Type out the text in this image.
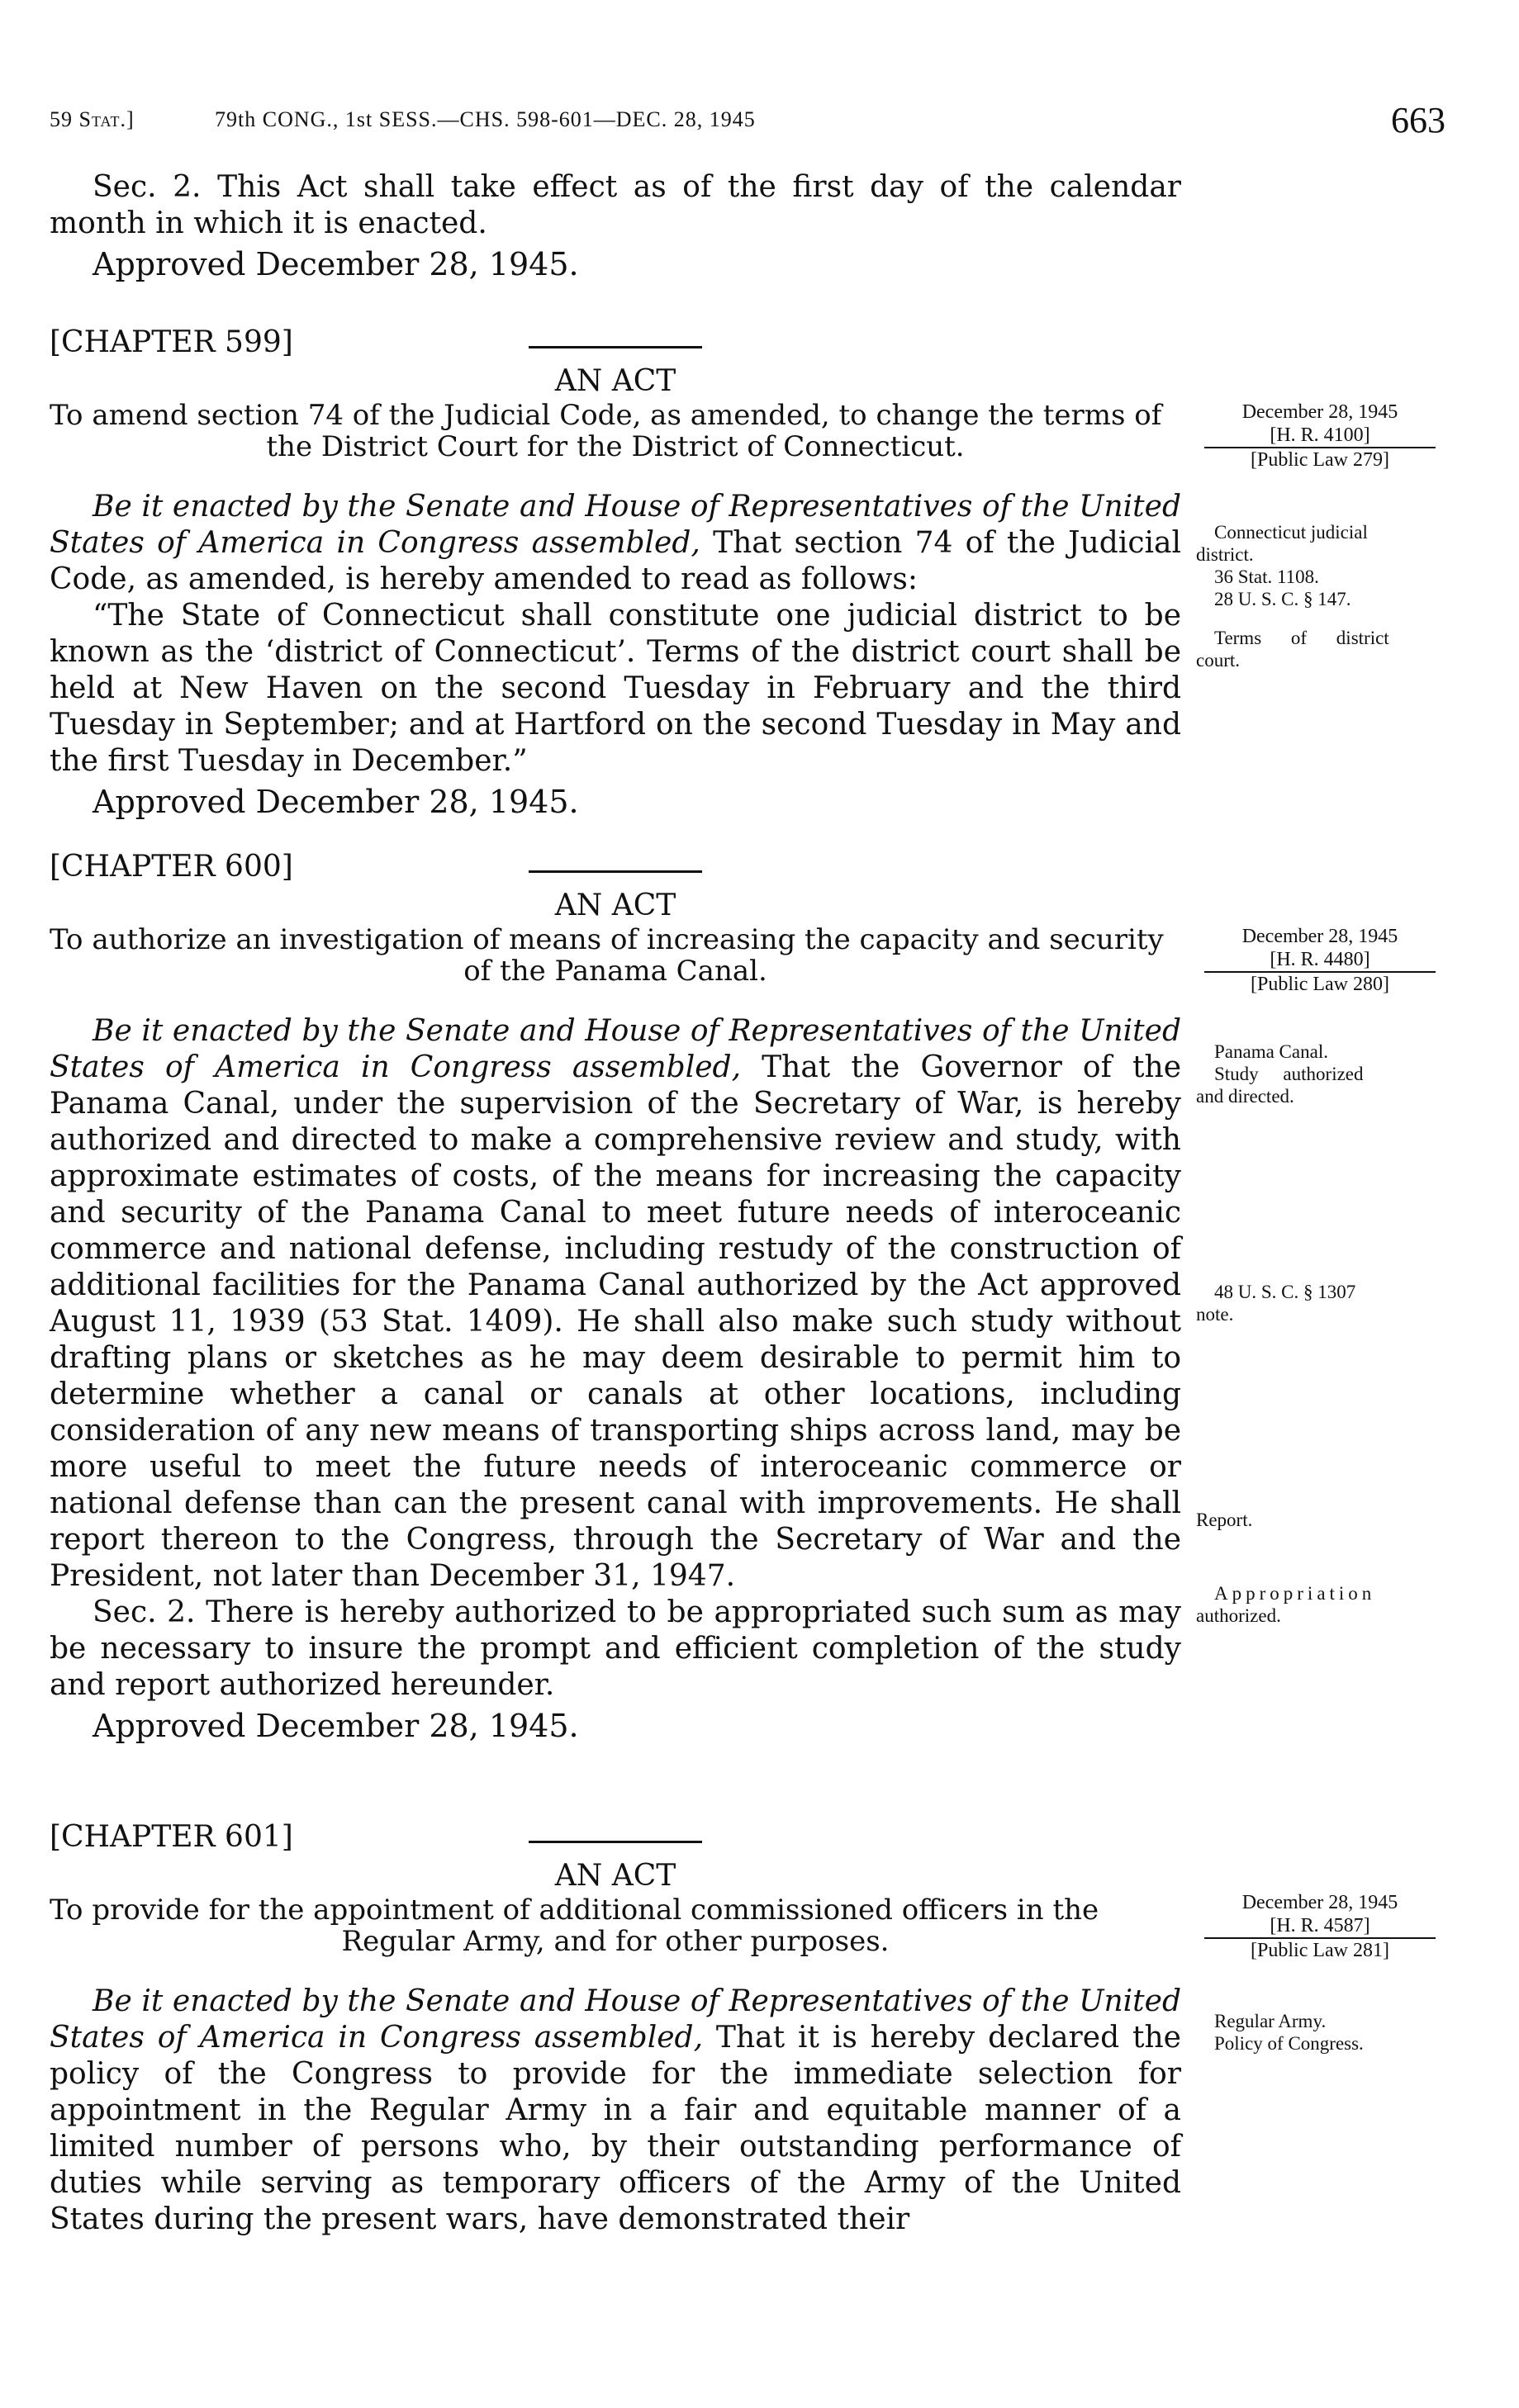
59 Stat.]	79th CONG., 1st SESS.—CHS. 598-601—DEC. 28, 1945	663

Sec. 2. This Act shall take effect as of the first day of the calendar month in which it is enacted.

Approved December 28, 1945.

[CHAPTER 599]

AN ACT

To amend section 74 of the Judicial Code, as amended, to change the terms of
the District Court for the District of Connecticut.

Be it enacted by the Senate and House of Representatives of the United States of America in Congress assembled, That section 74 of the Judicial Code, as amended, is hereby amended to read as follows:

“The State of Connecticut shall constitute one judicial district to be known as the ‘district of Connecticut’. Terms of the district court shall be held at New Haven on the second Tuesday in February and the third Tuesday in September; and at Hartford on the second Tuesday in May and the first Tuesday in December.”

Approved December 28, 1945.

December 28, 1945
[H. R. 4100]
[Public Law 279]

Connecticut judicial

district.

36 Stat. 1108.

28 U. S. C. § 147.

Terms of district

court.

[CHAPTER 600]

AN ACT

To authorize an investigation of means of increasing the capacity and security
of the Panama Canal.

Be it enacted by the Senate and House of Representatives of the United States of America in Congress assembled, That the Governor of the Panama Canal, under the supervision of the Secretary of War, is hereby authorized and directed to make a comprehensive review and study, with approximate estimates of costs, of the means for increasing the capacity and security of the Panama Canal to meet future needs of interoceanic commerce and national defense, including restudy of the construction of additional facilities for the Panama Canal authorized by the Act approved August 11, 1939 (53 Stat. 1409). He shall also make such study without drafting plans or sketches as he may deem desirable to permit him to determine whether a canal or canals at other locations, including consideration of any new means of transporting ships across land, may be more useful to meet the future needs of interoceanic commerce or national defense than can the present canal with improvements. He shall report thereon to the Congress, through the Secretary of War and the President, not later than December 31, 1947.

Sec. 2. There is hereby authorized to be appropriated such sum as may be necessary to insure the prompt and efficient completion of the study and report authorized hereunder.

Approved December 28, 1945.

December 28, 1945
[H. R. 4480]
[Public Law 280]

Panama Canal.

Study authorized

and directed.

48 U. S. C. § 1307

note.

Report.

Appropriation

authorized.

[CHAPTER 601]

AN ACT

To provide for the appointment of additional commissioned officers in the
Regular Army, and for other purposes.

Be it enacted by the Senate and House of Representatives of the United States of America in Congress assembled, That it is hereby declared the policy of the Congress to provide for the immediate selection for appointment in the Regular Army in a fair and equitable manner of a limited number of persons who, by their outstanding performance of duties while serving as temporary officers of the Army of the United States during the present wars, have demonstrated their

December 28, 1945
[H. R. 4587]
[Public Law 281]

Regular Army.

Policy of Congress.
